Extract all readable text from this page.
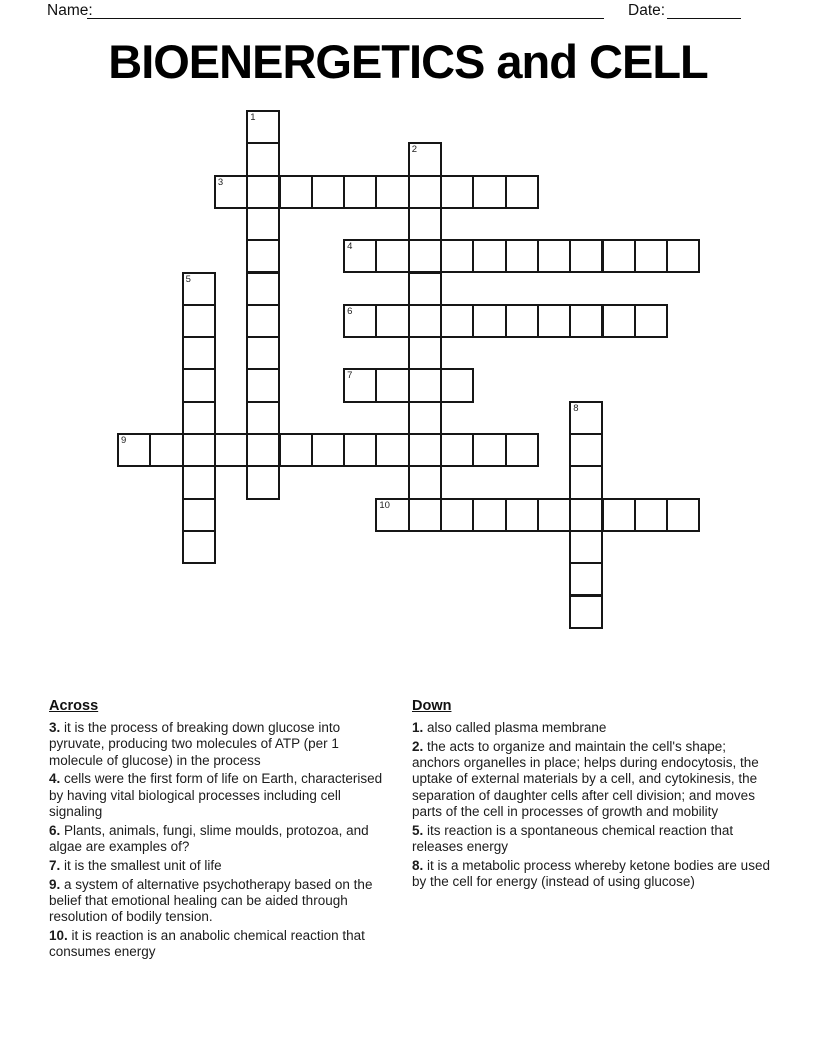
Name:	Date:
BIOENERGETICS and CELL
1
2
3
4
5
6
7
8
9
10

Across

3. it is the process of breaking down glucose into pyruvate, producing two molecules of ATP (per 1 molecule of glucose) in the process

4. cells were the first form of life on Earth, characterised by having vital biological processes including cell signaling

6. Plants, animals, fungi, slime moulds, protozoa, and algae are examples of?

7. it is the smallest unit of life

9. a system of alternative psychotherapy based on the belief that emotional healing can be aided through resolution of bodily tension.

10. it is reaction is an anabolic chemical reaction that consumes energy

Down

1. also called plasma membrane

2. the acts to organize and maintain the cell's shape; anchors organelles in place; helps during endocytosis, the uptake of external materials by a cell, and cytokinesis, the separation of daughter cells after cell division; and moves parts of the cell in processes of growth and mobility

5. its reaction is a spontaneous chemical reaction that releases energy

8. it is a metabolic process whereby ketone bodies are used by the cell for energy (instead of using glucose)
